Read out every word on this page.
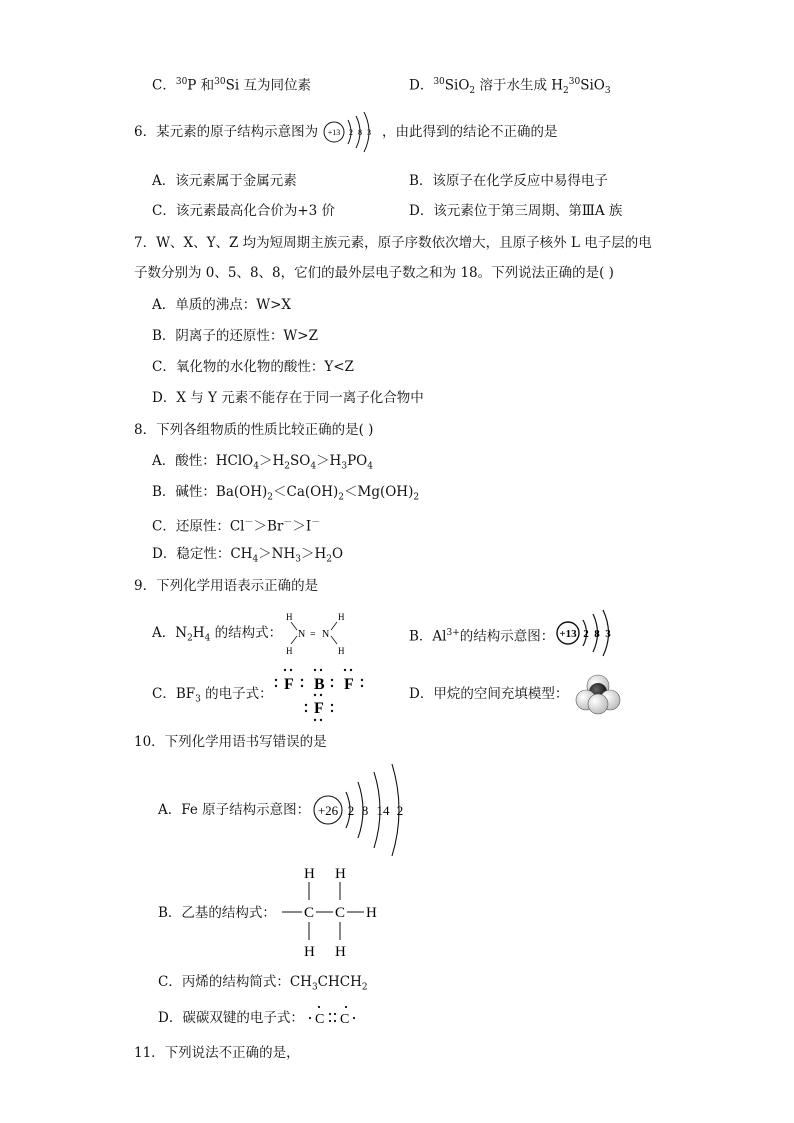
C．$^{30}$P 和$^{30}$Si 互为同位素	D．$^{30}$SiO$_2$ 溶于水生成 $H_2^{30}SiO_3$
6．某元素的原子结构示意图为 +13 2 8 3 ，由此得到的结论不正确的是
A．该元素属于金属元素	B．该原子在化学反应中易得电子
C．该元素最高化合价为+3 价	D．该元素位于第三周期、第ⅢA 族
7．W、X、Y、Z 均为短周期主族元素，原子序数依次增大，且原子核外 L 电子层的电
子数分别为 0、5、8、8，它们的最外层电子数之和为 18。下列说法正确的是( )
A．单质的沸点：W>X
B．阴离子的还原性：W>Z
C．氧化物的水化物的酸性：Y<Z
D．X 与 Y 元素不能存在于同一离子化合物中
8．下列各组物质的性质比较正确的是( )
A．酸性：$HClO_4>H_2SO_4>H_3PO_4$
B．碱性：$Ba(OH)_2<Ca(OH)_2<Mg(OH)_2$
C．还原性：Cl－＞Br－＞I－
D．稳定性：$CH_4>NH_3>H_2O$
9．下列化学用语表示正确的是
A．$N_2H_4$ 的结构式：
H
H
N = N
H
H
B．$Al^{3+}$的结构示意图： +13 2 8 3
C．$BF_3$ 的电子式：
F B F
F
D．甲烷的空间充填模型：
10．下列化学用语书写错误的是
A．Fe 原子结构示意图： +26 2 8 14 2
B．乙基的结构式：
H H
C C H
H H
C．丙烯的结构简式：$CH_3CHCH_2$
D．碳碳双键的电子式： C C
11．下列说法不正确的是，
